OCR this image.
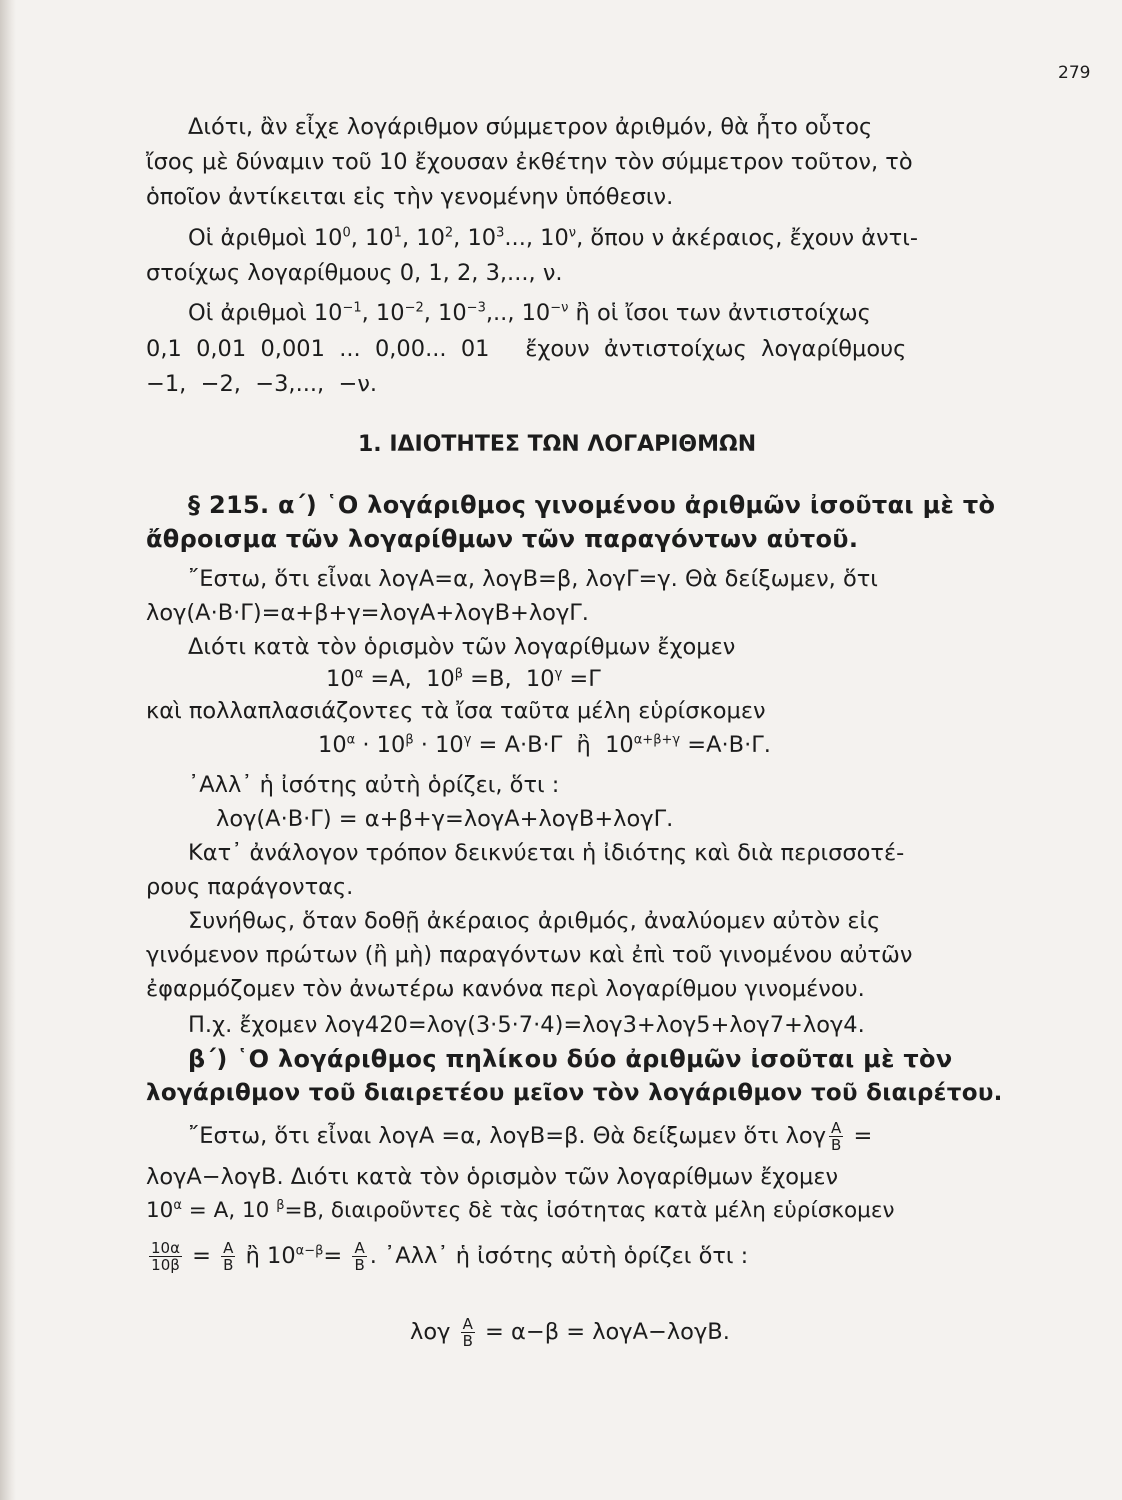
279
Διότι, ἂν εἶχε λογάριθμον σύμμετρον ἀριθμόν, θὰ ἦτο οὗτος
ἴσος μὲ δύναμιν τοῦ 10 ἔχουσαν ἐκθέτην τὸν σύμμετρον τοῦτον, τὸ
ὁποῖον ἀντίκειται εἰς τὴν γενομένην ὑπόθεσιν.
Οἱ ἀριθμοὶ $10^0$, $10^1$, $10^2$, $10^3$..., $10^\nu$, ὅπου ν ἀκέραιος, ἔχουν ἀντι-
στοίχως λογαρίθμους 0, 1, 2, 3,..., ν.
Οἱ ἀριθμοὶ $10^{-1}$, $10^{-2}$, $10^{-3}$,.., $10^{-\nu}$ ἢ οἱ ἴσοι των ἀντιστοίχως
0,1  0,01  0,001  ...  0,00...  01     ἔχουν  ἀντιστοίχως  λογαρίθμους
−1,  −2,  −3,...,  −ν.
1. ΙΔΙΟΤΗΤΕΣ ΤΩΝ ΛΟΓΑΡΙΘΜΩΝ
§ 215. α΄) ῾Ο λογάριθμος γινομένου ἀριθμῶν ἰσοῦται μὲ τὸ
ἄθροισμα τῶν λογαρίθμων τῶν παραγόντων αὐτοῦ.
῎Εστω, ὅτι εἶναι λογΑ=α, λογΒ=β, λογΓ=γ. Θὰ δείξωμεν, ὅτι
λογ(Α·Β·Γ)=α+β+γ=λογΑ+λογΒ+λογΓ.
Διότι κατὰ τὸν ὁρισμὸν τῶν λογαρίθμων ἔχομεν
$10^\alpha =A$,  $10^\beta =B$,  $10^\gamma =\Gamma$
καὶ πολλαπλασιάζοντες τὰ ἴσα ταῦτα μέλη εὑρίσκομεν
$10^\alpha \cdot 10^\beta \cdot 10^\gamma = A\cdot B\cdot\Gamma$  ἢ  $10^{\alpha+\beta+\gamma} =A\cdot B\cdot\Gamma$.
᾿Αλλ᾿ ἡ ἰσότης αὐτὴ ὁρίζει, ὅτι :
λογ(Α·Β·Γ) = α+β+γ=λογΑ+λογΒ+λογΓ.
Κατ᾿ ἀνάλογον τρόπον δεικνύεται ἡ ἰδιότης καὶ διὰ περισσοτέ-
ρους παράγοντας.
Συνήθως, ὅταν δοθῇ ἀκέραιος ἀριθμός, ἀναλύομεν αὐτὸν εἰς
γινόμενον πρώτων (ἢ μὴ) παραγόντων καὶ ἐπὶ τοῦ γινομένου αὐτῶν
ἐφαρμόζομεν τὸν ἀνωτέρω κανόνα περὶ λογαρίθμου γινομένου.
Π.χ. ἔχομεν λογ420=λογ(3·5·7·4)=λογ3+λογ5+λογ7+λογ4.
β΄) ῾Ο λογάριθμος πηλίκου δύο ἀριθμῶν ἰσοῦται μὲ τὸν
λογάριθμον τοῦ διαιρετέου μεῖον τὸν λογάριθμον τοῦ διαιρέτου.
῎Εστω, ὅτι εἶναι λογΑ =α, λογΒ=β. Θὰ δείξωμεν ὅτι λογ $\frac{A}{B}$ =
λογΑ−λογΒ. Διότι κατὰ τὸν ὁρισμὸν τῶν λογαρίθμων ἔχομεν
$10^\alpha = A$, 10 $^\beta$=Β, διαιροῦντες δὲ τὰς ἰσότητας κατὰ μέλη εὑρίσκομεν
$\frac{10\alpha}{10\beta} = \frac{A}{B}$ ἢ $10^{\alpha-\beta}= \frac{A}{B}$ . ᾿Αλλ᾿ ἡ ἰσότης αὐτὴ ὁρίζει ὅτι :
λογ $\frac{A}{B} = \alpha-\beta = \lambda o\gamma A-\lambda o\gamma B$.
